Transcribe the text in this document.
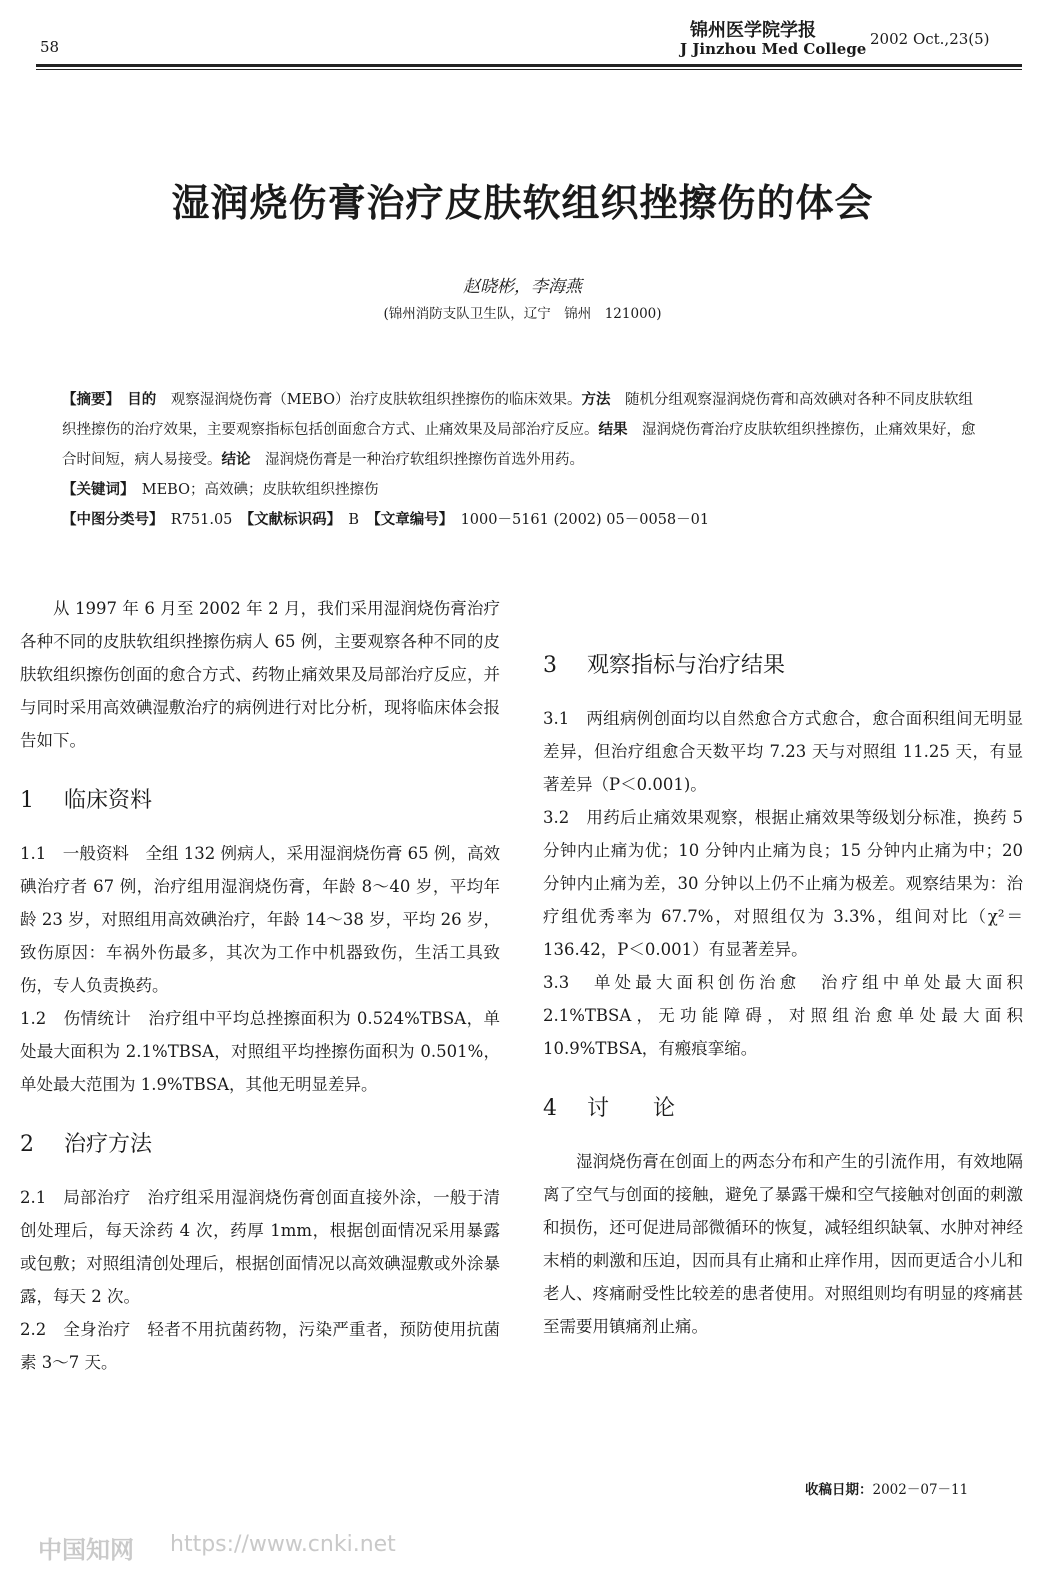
58
锦州医学院学报
J Jinzhou Med College
2002 Oct.,23(5)
湿润烧伤膏治疗皮肤软组织挫擦伤的体会
赵晓彬，李海燕
(锦州消防支队卫生队，辽宁　锦州　121000)
【摘要】　 目的　 观察湿润烧伤膏（MEBO）治疗皮肤软组织挫擦伤的临床效果。方法　 随机分组观察湿润烧伤膏和高效碘对各种不同皮肤软组织挫擦伤的治疗效果，主要观察指标包括创面愈合方式、止痛效果及局部治疗反应。结果　 湿润烧伤膏治疗皮肤软组织挫擦伤，止痛效果好，愈合时间短，病人易接受。结论　 湿润烧伤膏是一种治疗软组织挫擦伤首选外用药。
【关键词】　 MEBO；高效碘；皮肤软组织挫擦伤
【中图分类号】　 R751.05　 【文献标识码】　 B　 【文章编号】　 1000－5161 (2002) 05－0058－01

从 1997 年 6 月至 2002 年 2 月，我们采用湿润烧伤膏治疗各种不同的皮肤软组织挫擦伤病人 65 例，主要观察各种不同的皮肤软组织擦伤创面的愈合方式、药物止痛效果及局部治疗反应，并与同时采用高效碘湿敷治疗的病例进行对比分析，现将临床体会报告如下。

1 临床资料

1.1　一般资料　 全组 132 例病人，采用湿润烧伤膏 65 例，高效碘治疗者 67 例，治疗组用湿润烧伤膏，年龄 8～40 岁，平均年龄 23 岁，对照组用高效碘治疗，年龄 14～38 岁，平均 26 岁，致伤原因：车祸外伤最多，其次为工作中机器致伤，生活工具致伤，专人负责换药。

1.2　伤情统计　 治疗组中平均总挫擦面积为 0.524%TBSA，单处最大面积为 2.1%TBSA，对照组平均挫擦伤面积为 0.501%，单处最大范围为 1.9%TBSA，其他无明显差异。

2 治疗方法

2.1　局部治疗　 治疗组采用湿润烧伤膏创面直接外涂，一般于清创处理后，每天涂药 4 次，药厚 1mm，根据创面情况采用暴露或包敷；对照组清创处理后，根据创面情况以高效碘湿敷或外涂暴露，每天 2 次。

2.2　全身治疗　 轻者不用抗菌药物，污染严重者，预防使用抗菌素 3～7 天。

3 观察指标与治疗结果

3.1　 两组病例创面均以自然愈合方式愈合，愈合面积组间无明显差异，但治疗组愈合天数平均 7.23 天与对照组 11.25 天，有显著差异（P＜0.001)。

3.2　 用药后止痛效果观察，根据止痛效果等级划分标准，换药 5 分钟内止痛为优；10 分钟内止痛为良；15 分钟内止痛为中；20 分钟内止痛为差，30 分钟以上仍不止痛为极差。观察结果为：治疗组优秀率为 67.7%，对照组仅为 3.3%，组间对比（χ²＝136.42，P＜0.001）有显著差异。

3.3　单处最大面积创伤治愈　 治疗组中单处最大面积 2.1%TBSA，无功能障碍，对照组治愈单处最大面积 10.9%TBSA，有瘢痕挛缩。

4 讨　　论

湿润烧伤膏在创面上的两态分布和产生的引流作用，有效地隔离了空气与创面的接触，避免了暴露干燥和空气接触对创面的刺激和损伤，还可促进局部微循环的恢复，减轻组织缺氧、水肿对神经末梢的刺激和压迫，因而具有止痛和止痒作用，因而更适合小儿和老人、疼痛耐受性比较差的患者使用。对照组则均有明显的疼痛甚至需要用镇痛剂止痛。

收稿日期：2002－07－11
中国知网 https://www.cnki.net
